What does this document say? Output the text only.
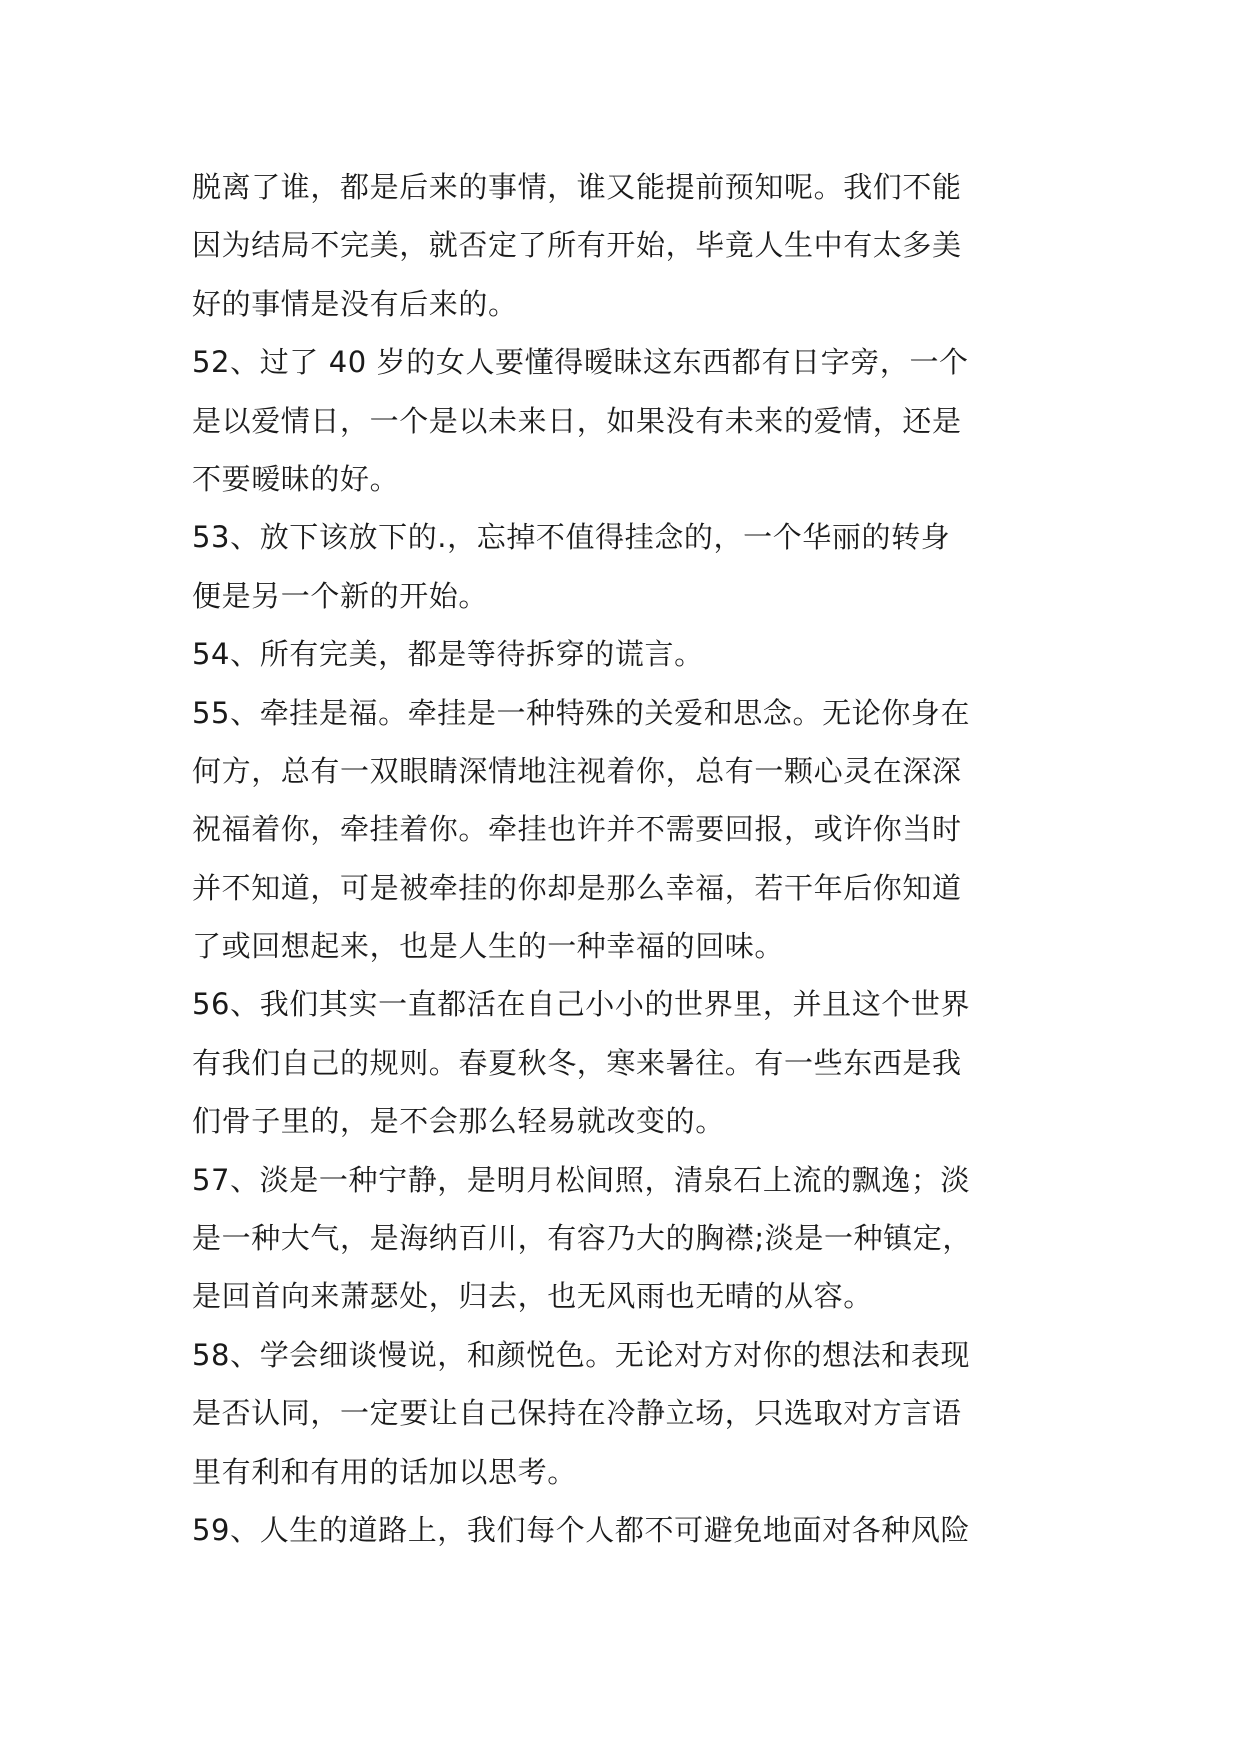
脱离了谁，都是后来的事情，谁又能提前预知呢。我们不能
因为结局不完美，就否定了所有开始，毕竟人生中有太多美
好的事情是没有后来的。
52、过了 40 岁的女人要懂得暧昧这东西都有日字旁，一个
是以爱情日，一个是以未来日，如果没有未来的爱情，还是
不要暧昧的好。
53、放下该放下的.，忘掉不值得挂念的，一个华丽的转身
便是另一个新的开始。
54、所有完美，都是等待拆穿的谎言。
55、牵挂是福。牵挂是一种特殊的关爱和思念。无论你身在
何方，总有一双眼睛深情地注视着你，总有一颗心灵在深深
祝福着你，牵挂着你。牵挂也许并不需要回报，或许你当时
并不知道，可是被牵挂的你却是那么幸福，若干年后你知道
了或回想起来，也是人生的一种幸福的回味。
56、我们其实一直都活在自己小小的世界里，并且这个世界
有我们自己的规则。春夏秋冬，寒来暑往。有一些东西是我
们骨子里的，是不会那么轻易就改变的。
57、淡是一种宁静，是明月松间照，清泉石上流的飘逸；淡
是一种大气，是海纳百川，有容乃大的胸襟;淡是一种镇定，
是回首向来萧瑟处，归去，也无风雨也无晴的从容。
58、学会细谈慢说，和颜悦色。无论对方对你的想法和表现
是否认同，一定要让自己保持在冷静立场，只选取对方言语
里有利和有用的话加以思考。
59、人生的道路上，我们每个人都不可避免地面对各种风险
